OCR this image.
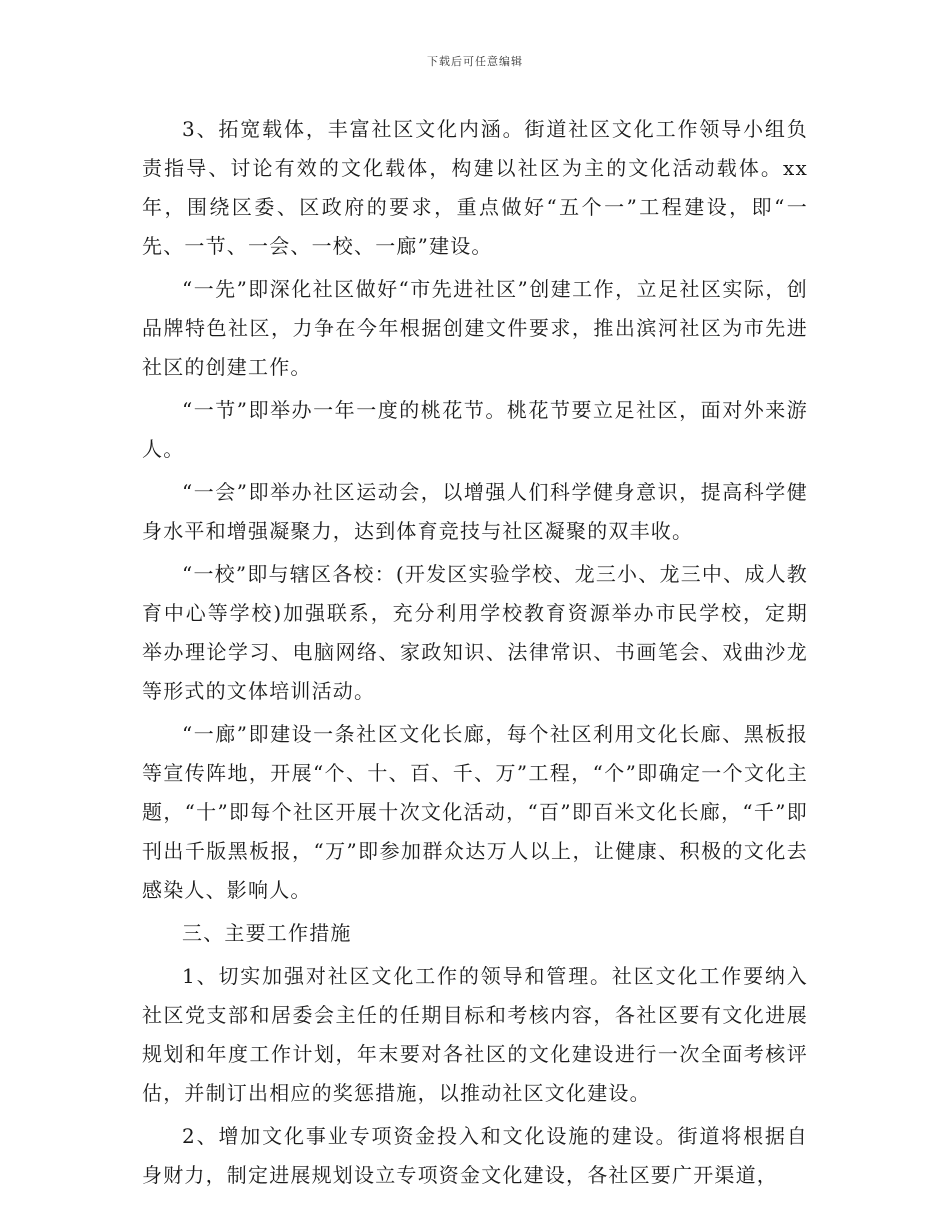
下载后可任意编辑

3、拓宽载体，丰富社区文化内涵。街道社区文化工作领导小组负责指导、讨论有效的文化载体，构建以社区为主的文化活动载体。xx年，围绕区委、区政府的要求，重点做好“五个一”工程建设，即“一先、一节、一会、一校、一廊”建设。

“一先”即深化社区做好“市先进社区”创建工作，立足社区实际，创品牌特色社区，力争在今年根据创建文件要求，推出滨河社区为市先进社区的创建工作。

“一节”即举办一年一度的桃花节。桃花节要立足社区，面对外来游人。

“一会”即举办社区运动会，以增强人们科学健身意识，提高科学健身水平和增强凝聚力，达到体育竞技与社区凝聚的双丰收。

“一校”即与辖区各校：(开发区实验学校、龙三小、龙三中、成人教育中心等学校)加强联系，充分利用学校教育资源举办市民学校，定期举办理论学习、电脑网络、家政知识、法律常识、书画笔会、戏曲沙龙等形式的文体培训活动。

“一廊”即建设一条社区文化长廊，每个社区利用文化长廊、黑板报等宣传阵地，开展“个、十、百、千、万”工程，“个”即确定一个文化主题，“十”即每个社区开展十次文化活动，“百”即百米文化长廊，“千”即刊出千版黑板报，“万”即参加群众达万人以上，让健康、积极的文化去感染人、影响人。

三、主要工作措施

1、切实加强对社区文化工作的领导和管理。社区文化工作要纳入社区党支部和居委会主任的任期目标和考核内容，各社区要有文化进展规划和年度工作计划，年末要对各社区的文化建设进行一次全面考核评估，并制订出相应的奖惩措施，以推动社区文化建设。

2、增加文化事业专项资金投入和文化设施的建设。街道将根据自身财力，制定进展规划设立专项资金文化建设，各社区要广开渠道，
